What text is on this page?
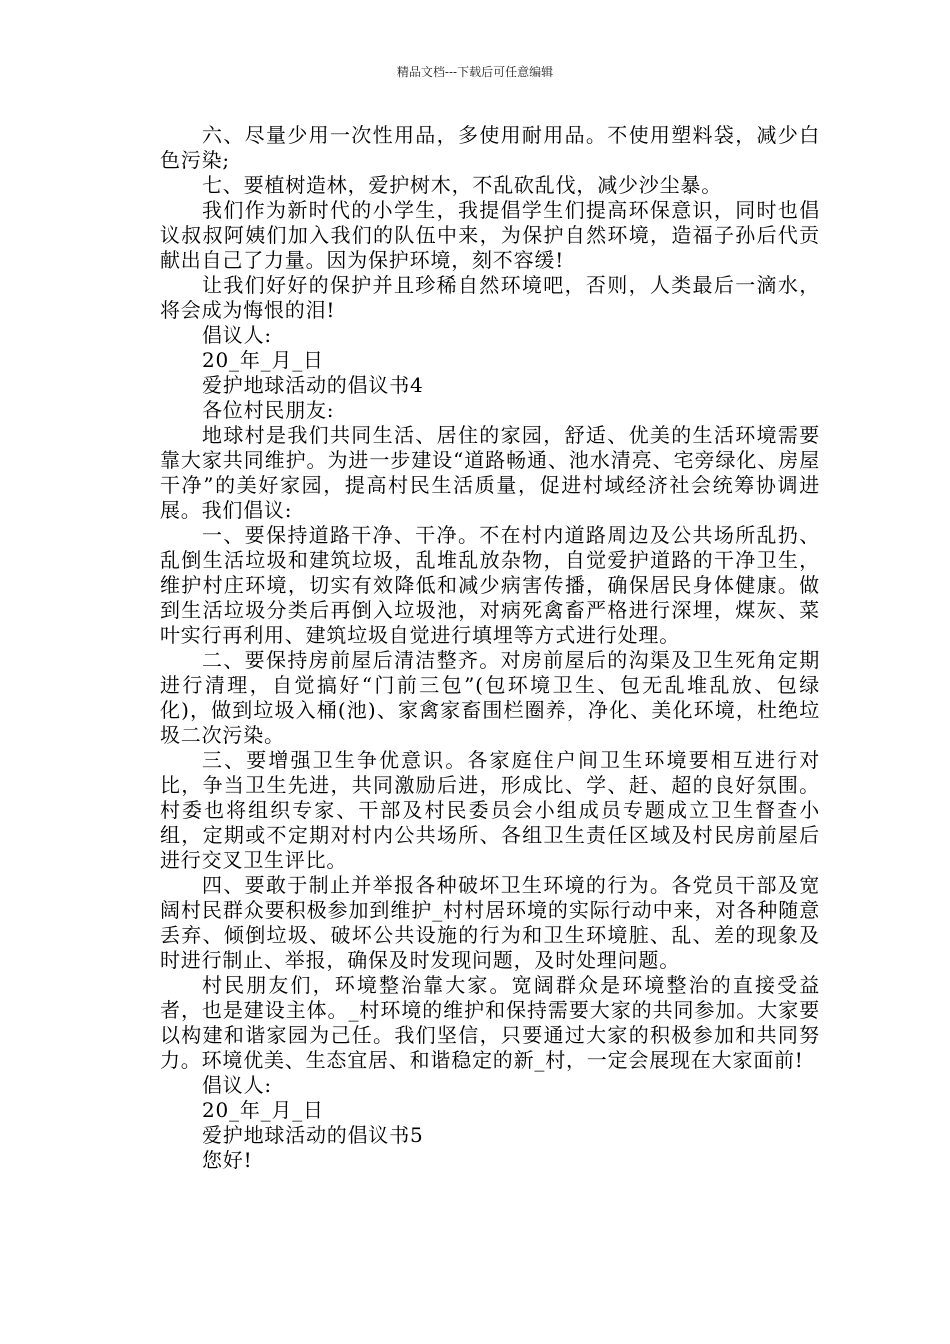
精品文档---下载后可任意编辑

六、尽量少用一次性用品，多使用耐用品。不使用塑料袋，减少白色污染;

七、要植树造林，爱护树木，不乱砍乱伐，减少沙尘暴。

我们作为新时代的小学生，我提倡学生们提高环保意识，同时也倡议叔叔阿姨们加入我们的队伍中来，为保护自然环境，造福子孙后代贡献出自己了力量。因为保护环境，刻不容缓!

让我们好好的保护并且珍稀自然环境吧，否则，人类最后一滴水，将会成为悔恨的泪!

倡议人:

20_年_月_日

爱护地球活动的倡议书4

各位村民朋友:

地球村是我们共同生活、居住的家园，舒适、优美的生活环境需要靠大家共同维护。为进一步建设“道路畅通、池水清亮、宅旁绿化、房屋干净”的美好家园，提高村民生活质量，促进村域经济社会统筹协调进展。我们倡议:

一、要保持道路干净、干净。不在村内道路周边及公共场所乱扔、乱倒生活垃圾和建筑垃圾，乱堆乱放杂物，自觉爱护道路的干净卫生，维护村庄环境，切实有效降低和减少病害传播，确保居民身体健康。做到生活垃圾分类后再倒入垃圾池，对病死禽畜严格进行深埋，煤灰、菜叶实行再利用、建筑垃圾自觉进行填埋等方式进行处理。

二、要保持房前屋后清洁整齐。对房前屋后的沟渠及卫生死角定期进行清理，自觉搞好“门前三包”(包环境卫生、包无乱堆乱放、包绿化)，做到垃圾入桶(池)、家禽家畜围栏圈养，净化、美化环境，杜绝垃圾二次污染。

三、要增强卫生争优意识。各家庭住户间卫生环境要相互进行对比，争当卫生先进，共同激励后进，形成比、学、赶、超的良好氛围。村委也将组织专家、干部及村民委员会小组成员专题成立卫生督查小组，定期或不定期对村内公共场所、各组卫生责任区域及村民房前屋后进行交叉卫生评比。

四、要敢于制止并举报各种破坏卫生环境的行为。各党员干部及宽阔村民群众要积极参加到维护_村村居环境的实际行动中来，对各种随意丢弃、倾倒垃圾、破坏公共设施的行为和卫生环境脏、乱、差的现象及时进行制止、举报，确保及时发现问题，及时处理问题。

村民朋友们，环境整治靠大家。宽阔群众是环境整治的直接受益者，也是建设主体。_村环境的维护和保持需要大家的共同参加。大家要以构建和谐家园为己任。我们坚信，只要通过大家的积极参加和共同努力。环境优美、生态宜居、和谐稳定的新_村，一定会展现在大家面前!

倡议人:

20_年_月_日

爱护地球活动的倡议书5

您好!
